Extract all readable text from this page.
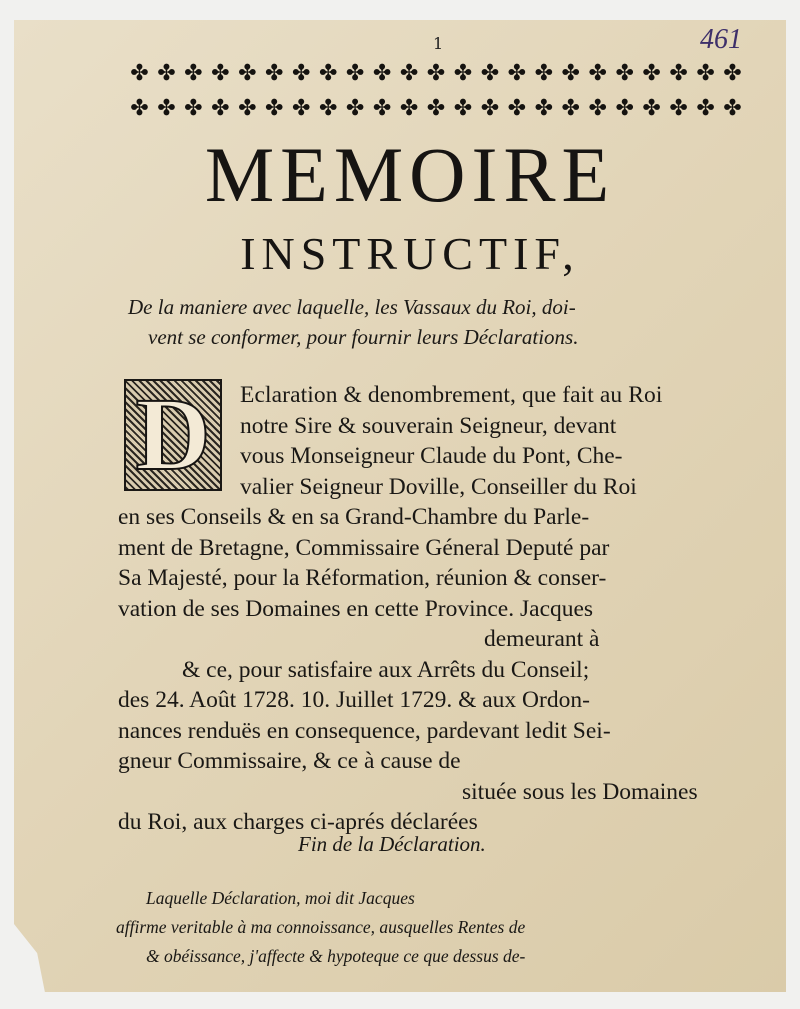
1	461
✤ ✤ ✤ ✤ ✤ ✤ ✤ ✤ ✤ ✤ ✤ ✤ ✤ ✤ ✤ ✤ ✤ ✤ ✤ ✤ ✤ ✤ ✤
✤ ✤ ✤ ✤ ✤ ✤ ✤ ✤ ✤ ✤ ✤ ✤ ✤ ✤ ✤ ✤ ✤ ✤ ✤ ✤ ✤ ✤ ✤
MEMOIRE
INSTRUCTIF,
De la maniere avec laquelle, les Vassaux du Roi, doi-
vent se conformer, pour fournir leurs Déclarations.
D	Eclaration & denombrement, que fait au Roi
notre Sire & souverain Seigneur, devant
vous Monseigneur Claude du Pont, Che-
valier Seigneur Doville, Conseiller du Roi
en ses Conseils & en sa Grand-Chambre du Parle-
ment de Bretagne, Commissaire Géneral Deputé par
Sa Majesté, pour la Réformation, réunion & conser-
vation de ses Domaines en cette Province. Jacques
demeurant à
& ce, pour satisfaire aux Arrêts du Conseil;
des 24. Août 1728. 10. Juillet 1729. & aux Ordon-
nances renduës en consequence, pardevant ledit Sei-
gneur Commissaire, & ce à cause de
située sous les Domaines
du Roi, aux charges ci-aprés déclarées
Fin de la Déclaration.
Laquelle Déclaration, moi dit Jacques
affirme veritable à ma connoissance, ausquelles Rentes de
& obéissance, j'affecte & hypoteque ce que dessus de-
